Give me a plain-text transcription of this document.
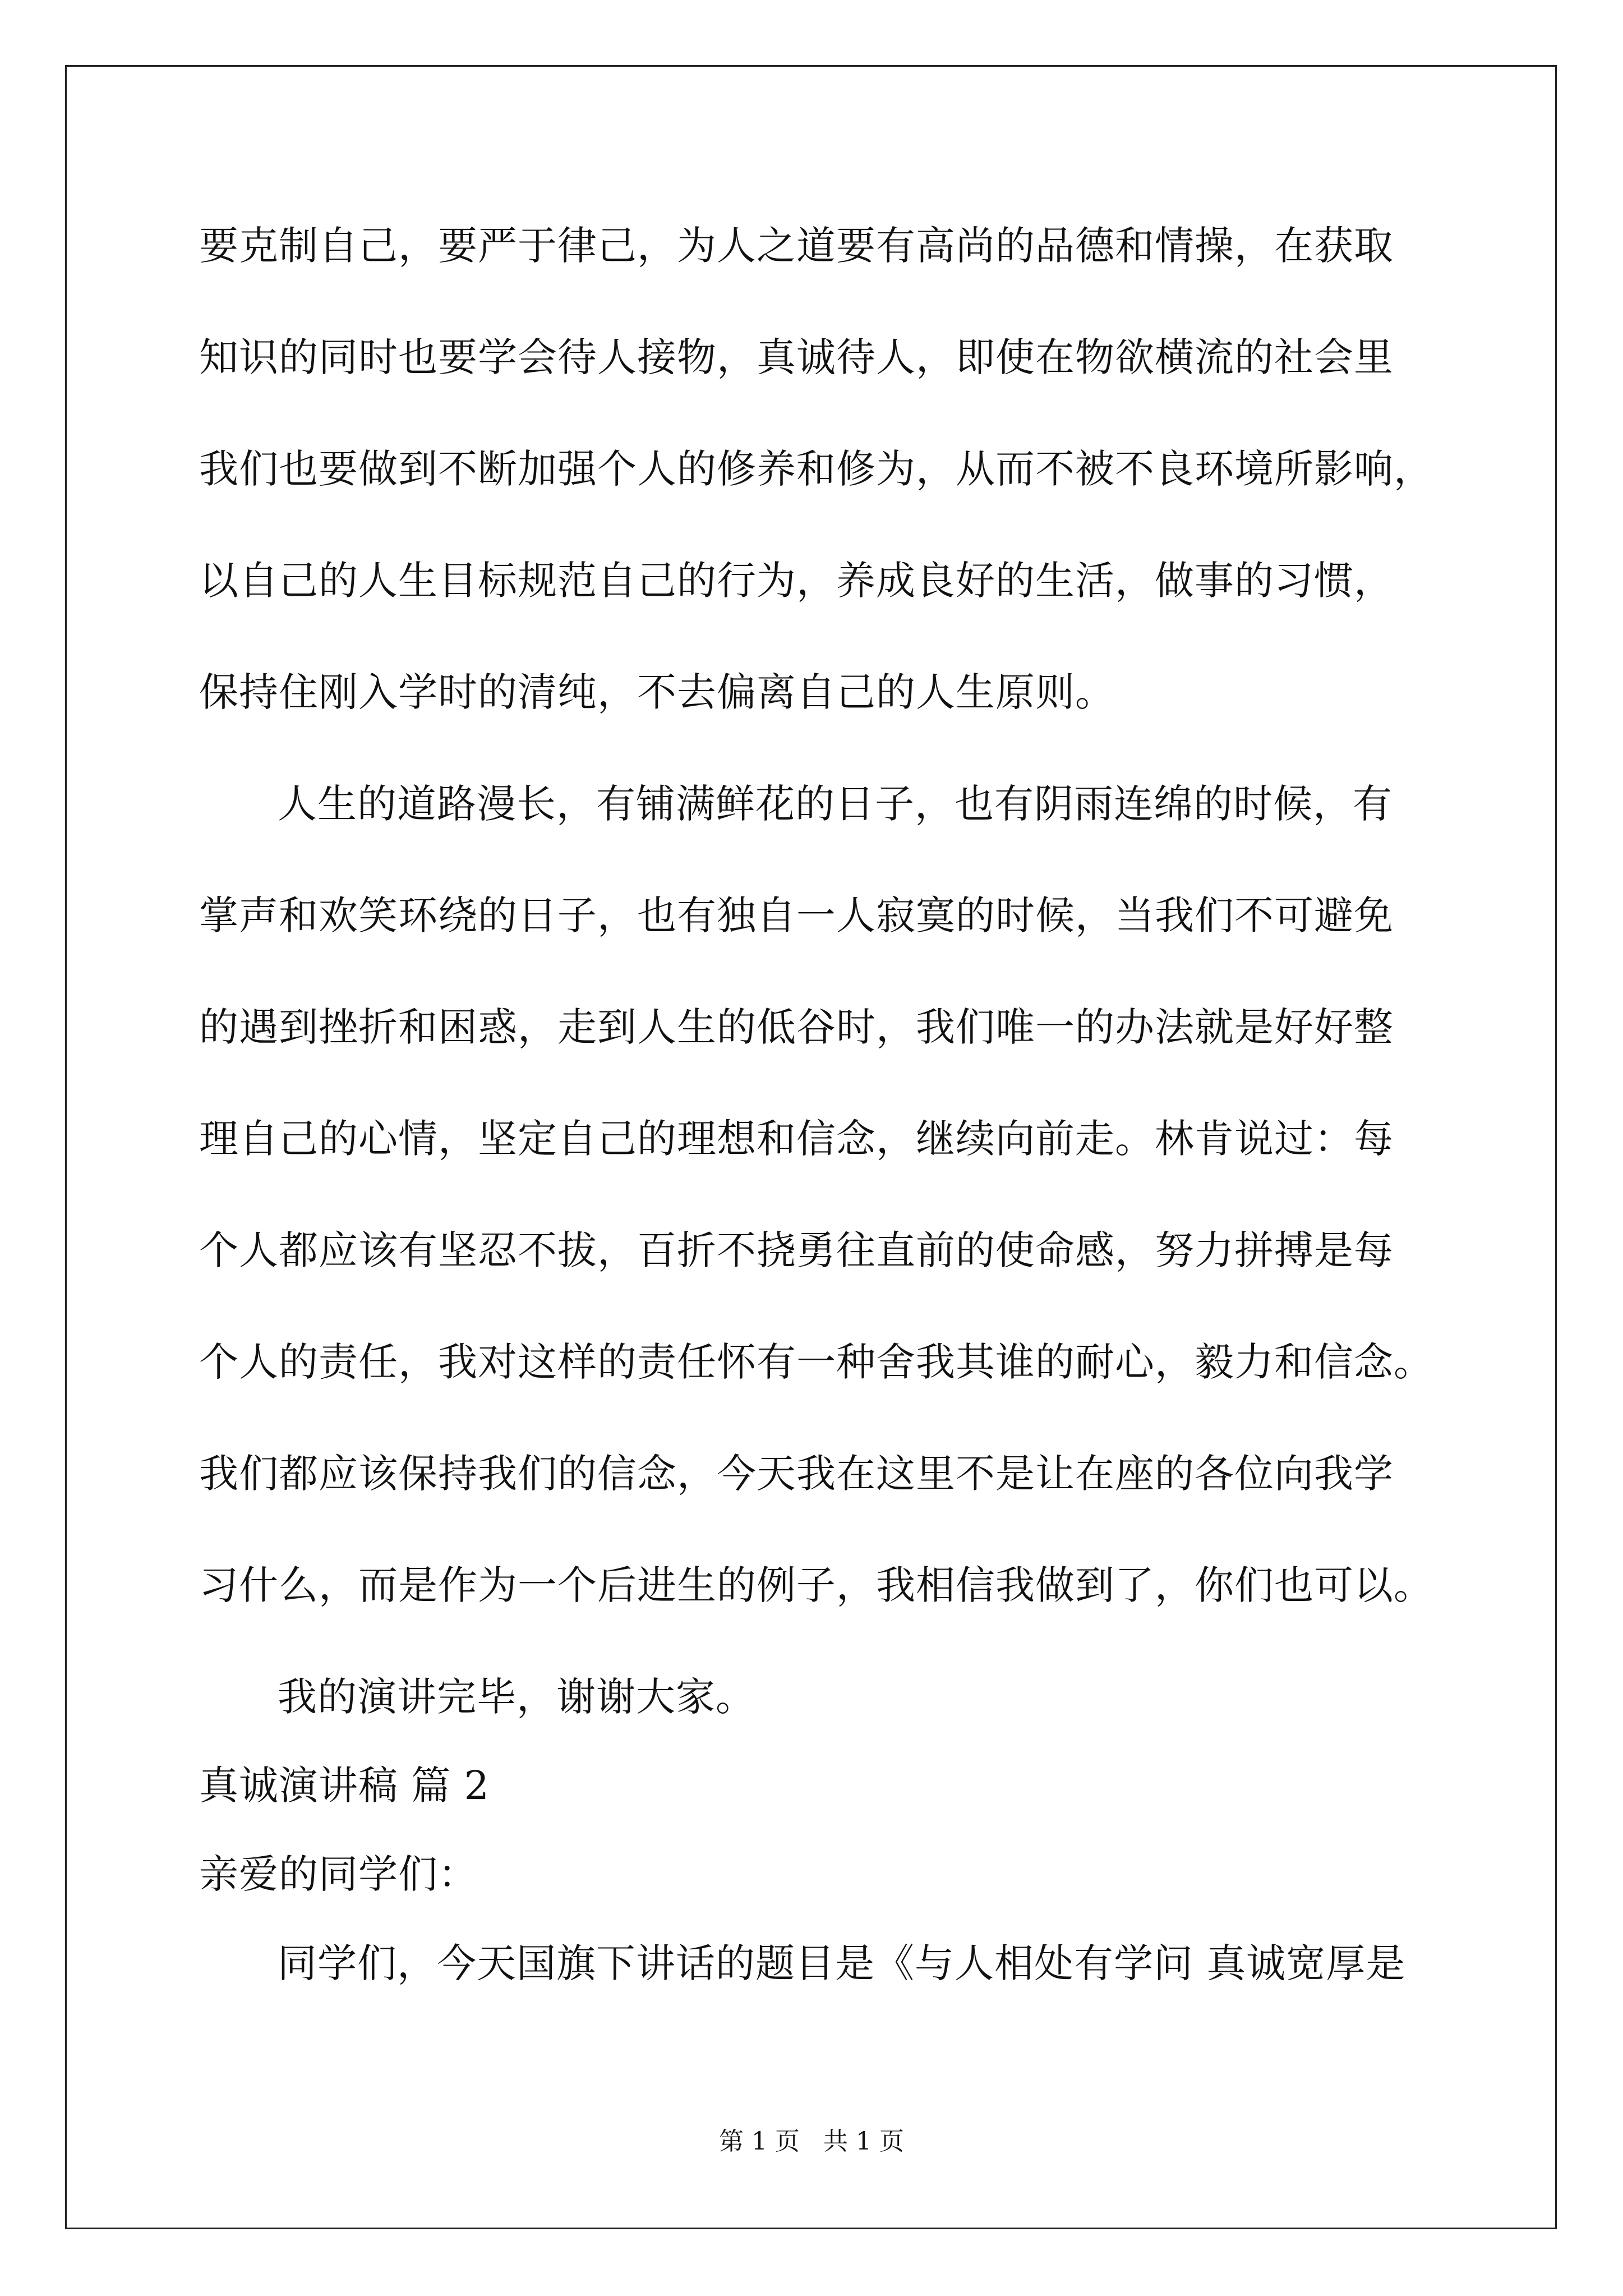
要克制自己，要严于律己，为人之道要有高尚的品德和情操，在获取
知识的同时也要学会待人接物，真诚待人，即使在物欲横流的社会里
我们也要做到不断加强个人的修养和修为，从而不被不良环境所影响，
以自己的人生目标规范自己的行为，养成良好的生活，做事的习惯，
保持住刚入学时的清纯，不去偏离自己的人生原则。
人生的道路漫长，有铺满鲜花的日子，也有阴雨连绵的时候，有
掌声和欢笑环绕的日子，也有独自一人寂寞的时候，当我们不可避免
的遇到挫折和困惑，走到人生的低谷时，我们唯一的办法就是好好整
理自己的心情，坚定自己的理想和信念，继续向前走。林肯说过：每
个人都应该有坚忍不拔，百折不挠勇往直前的使命感，努力拼搏是每
个人的责任，我对这样的责任怀有一种舍我其谁的耐心，毅力和信念。
我们都应该保持我们的信念，今天我在这里不是让在座的各位向我学
习什么，而是作为一个后进生的例子，我相信我做到了，你们也可以。
我的演讲完毕，谢谢大家。
真诚演讲稿 篇 2
亲爱的同学们：
同学们，今天国旗下讲话的题目是《与人相处有学问 真诚宽厚是
第 1 页   共 1 页
